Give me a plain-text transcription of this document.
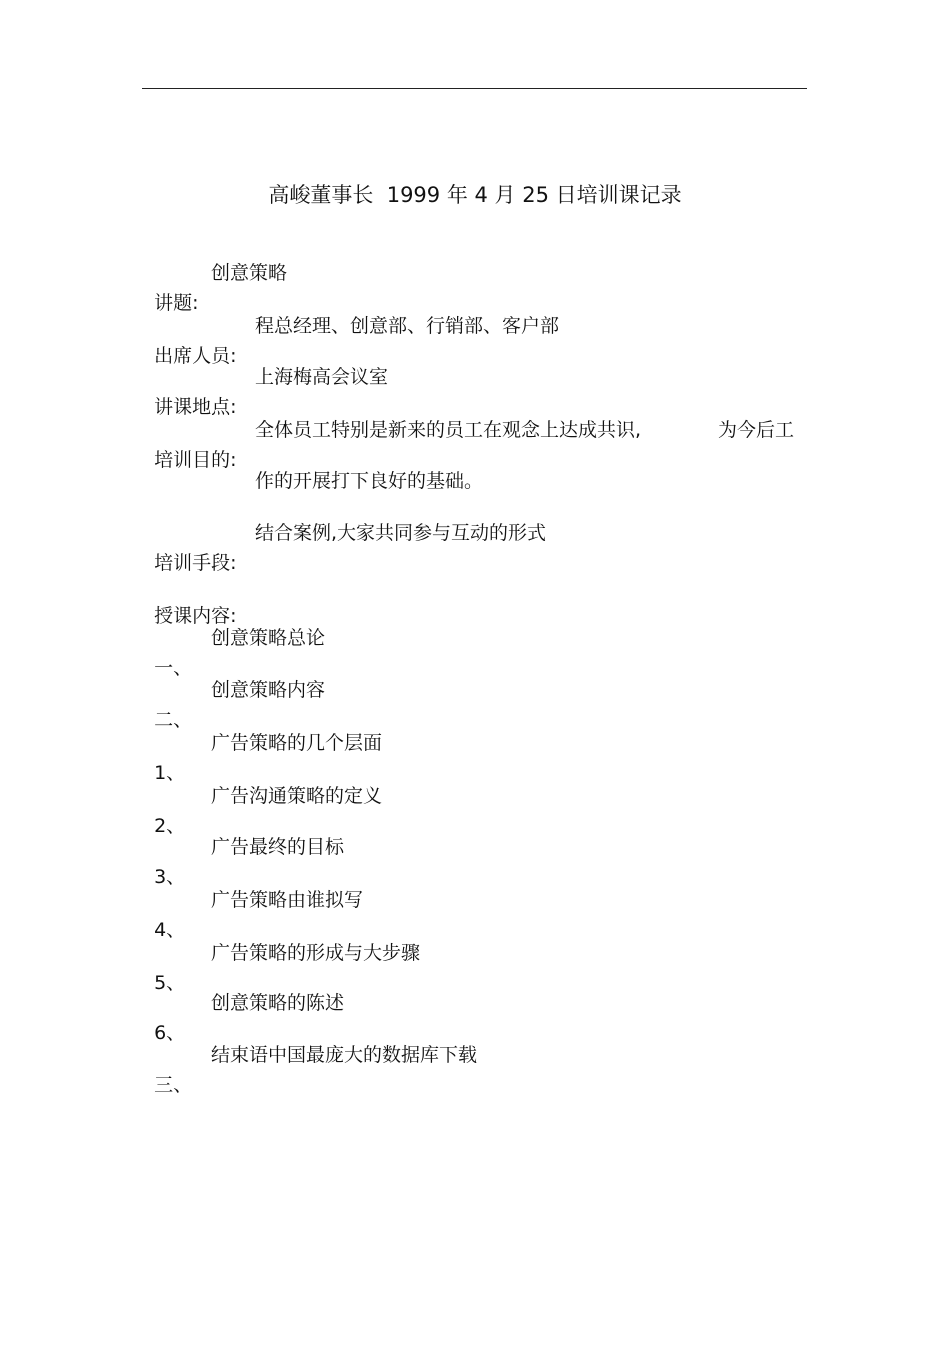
高峻董事长  1999 年 4 月 25 日培训课记录

讲题:

创意策略

出席人员:

程总经理、创意部、行销部、客户部

讲课地点:

上海梅高会议室

培训目的:

全体员工特别是新来的员工在观念上达成共识,

	为今后工

作的开展打下良好的基础。

培训手段:

结合案例,大家共同参与互动的形式

授课内容:

一、

创意策略总论

二、

创意策略内容

1、

广告策略的几个层面

2、

广告沟通策略的定义

3、

广告最终的目标

4、

广告策略由谁拟写

5、

广告策略的形成与大步骤

6、

创意策略的陈述

三、

结束语中国最庞大的数据库下载
